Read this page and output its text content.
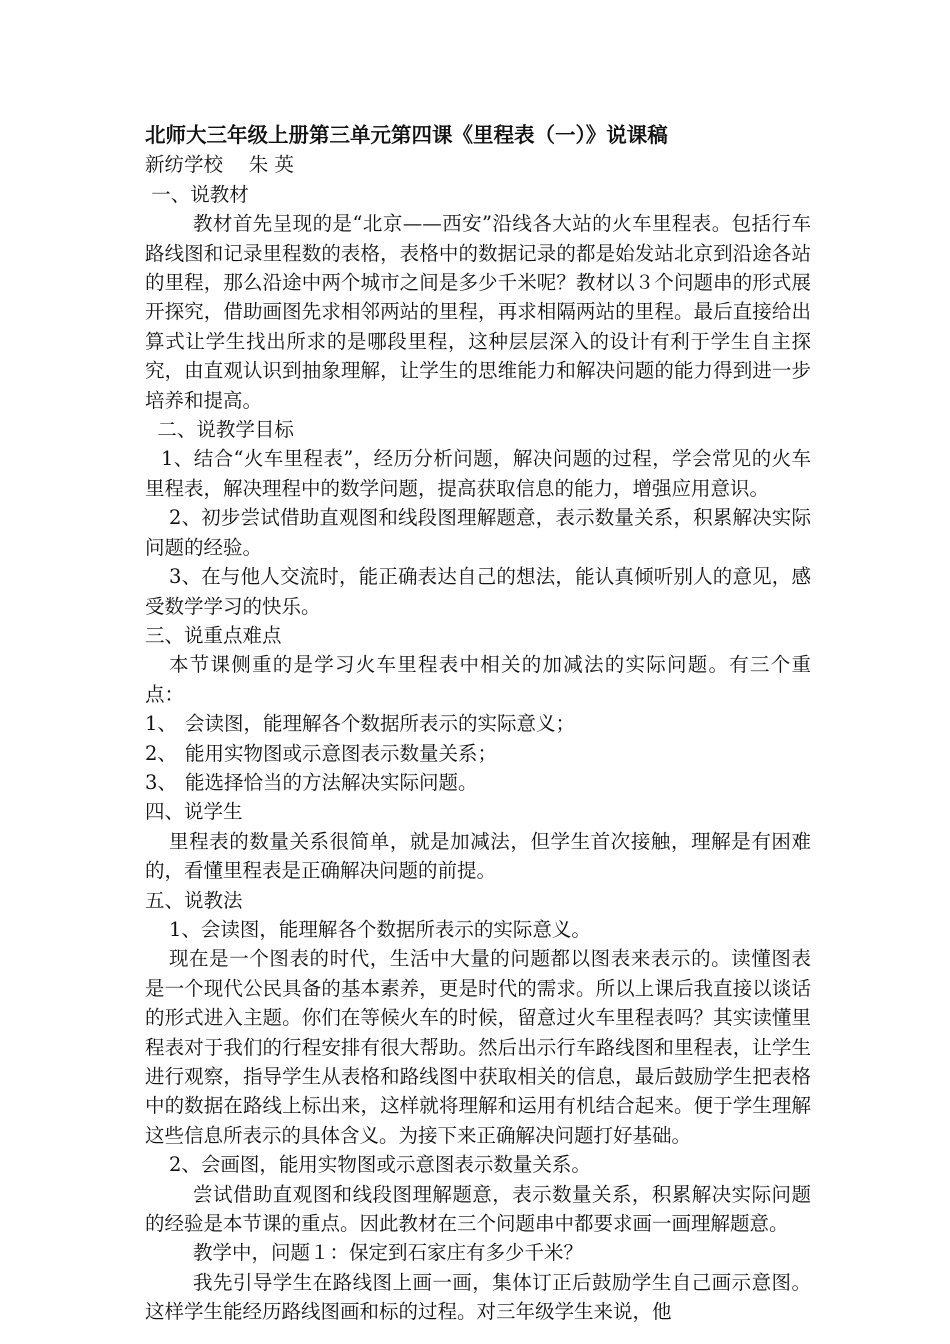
北师大三年级上册第三单元第四课《里程表（一）》说课稿

新纺学校　 朱 英

一、说教材

教材首先呈现的是“北京——西安”沿线各大站的火车里程表。包括行车路线图和记录里程数的表格，表格中的数据记录的都是始发站北京到沿途各站的里程，那么沿途中两个城市之间是多少千米呢？教材以３个问题串的形式展开探究，借助画图先求相邻两站的里程，再求相隔两站的里程。最后直接给出算式让学生找出所求的是哪段里程，这种层层深入的设计有利于学生自主探究，由直观认识到抽象理解，让学生的思维能力和解决问题的能力得到进一步培养和提高。

二、说教学目标

1、结合“火车里程表”，经历分析问题，解决问题的过程，学会常见的火车里程表，解决理程中的数学问题，提高获取信息的能力，增强应用意识。

2、初步尝试借助直观图和线段图理解题意，表示数量关系，积累解决实际问题的经验。

3、在与他人交流时，能正确表达自己的想法，能认真倾听别人的意见，感受数学学习的快乐。

三、说重点难点

本节课侧重的是学习火车里程表中相关的加减法的实际问题。有三个重点：

1、 会读图，能理解各个数据所表示的实际意义；

2、 能用实物图或示意图表示数量关系；

3、 能选择恰当的方法解决实际问题。

四、说学生

里程表的数量关系很简单，就是加减法，但学生首次接触，理解是有困难的，看懂里程表是正确解决问题的前提。

五、说教法

1、会读图，能理解各个数据所表示的实际意义。

现在是一个图表的时代，生活中大量的问题都以图表来表示的。读懂图表是一个现代公民具备的基本素养，更是时代的需求。所以上课后我直接以谈话的形式进入主题。你们在等候火车的时候，留意过火车里程表吗？其实读懂里程表对于我们的行程安排有很大帮助。然后出示行车路线图和里程表，让学生进行观察，指导学生从表格和路线图中获取相关的信息，最后鼓励学生把表格中的数据在路线上标出来，这样就将理解和运用有机结合起来。便于学生理解这些信息所表示的具体含义。为接下来正确解决问题打好基础。

2、会画图，能用实物图或示意图表示数量关系。

尝试借助直观图和线段图理解题意，表示数量关系，积累解决实际问题的经验是本节课的重点。因此教材在三个问题串中都要求画一画理解题意。

教学中，问题１：保定到石家庄有多少千米？

我先引导学生在路线图上画一画，集体订正后鼓励学生自己画示意图。这样学生能经历路线图画和标的过程。对三年级学生来说，他
